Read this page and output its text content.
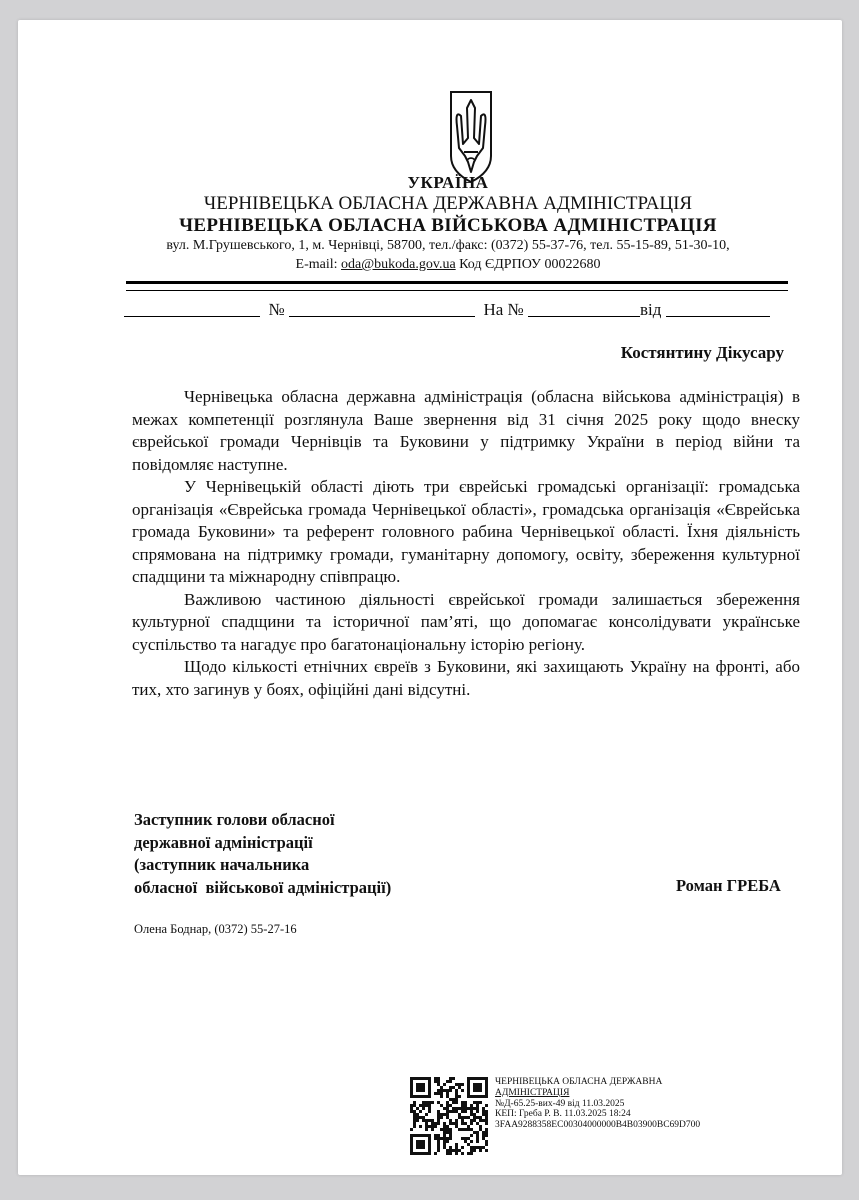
УКРАЇНА
ЧЕРНІВЕЦЬКА ОБЛАСНА ДЕРЖАВНА АДМІНІСТРАЦІЯ
ЧЕРНІВЕЦЬКА ОБЛАСНА ВІЙСЬКОВА АДМІНІСТРАЦІЯ
вул. М.Грушевського, 1, м. Чернівці, 58700, тел./факс: (0372) 55-37-76, тел. 55-15-89, 51-30-10,
E-mail: oda@bukoda.gov.ua Код ЄДРПОУ 00022680
№	На №	від
Костянтину Дікусару

Чернівецька обласна державна адміністрація (обласна військова адміністрація) в межах компетенції розглянула Ваше звернення від 31 січня 2025 року щодо внеску єврейської громади Чернівців та Буковини у підтримку України в період війни та повідомляє наступне.

У Чернівецькій області діють три єврейські громадські організації: громадська організація «Єврейська громада Чернівецької області», громадська організація «Єврейська громада Буковини» та референт головного рабина Чернівецької області. Їхня діяльність спрямована на підтримку громади, гуманітарну допомогу, освіту, збереження культурної спадщини та міжнародну співпрацю.

Важливою частиною діяльності єврейської громади залишається збереження культурної спадщини та історичної пам’яті, що допомагає консолідувати українське суспільство та нагадує про багатонаціональну історію регіону.

Щодо кількості етнічних євреїв з Буковини, які захищають Україну на фронті, або тих, хто загинув у боях, офіційні дані відсутні.

Заступник голови обласної
державної адміністрації
(заступник начальника
обласної  військової адміністрації)	Роман ГРЕБА
Олена Боднар, (0372) 55-27-16
ЧЕРНІВЕЦЬКА ОБЛАСНА ДЕРЖАВНА
АДМІНІСТРАЦІЯ
№Д-65.25-вих-49 від 11.03.2025
КЕП: Греба Р. В. 11.03.2025 18:24
3FAA9288358EC00304000000B4B03900BC69D700
